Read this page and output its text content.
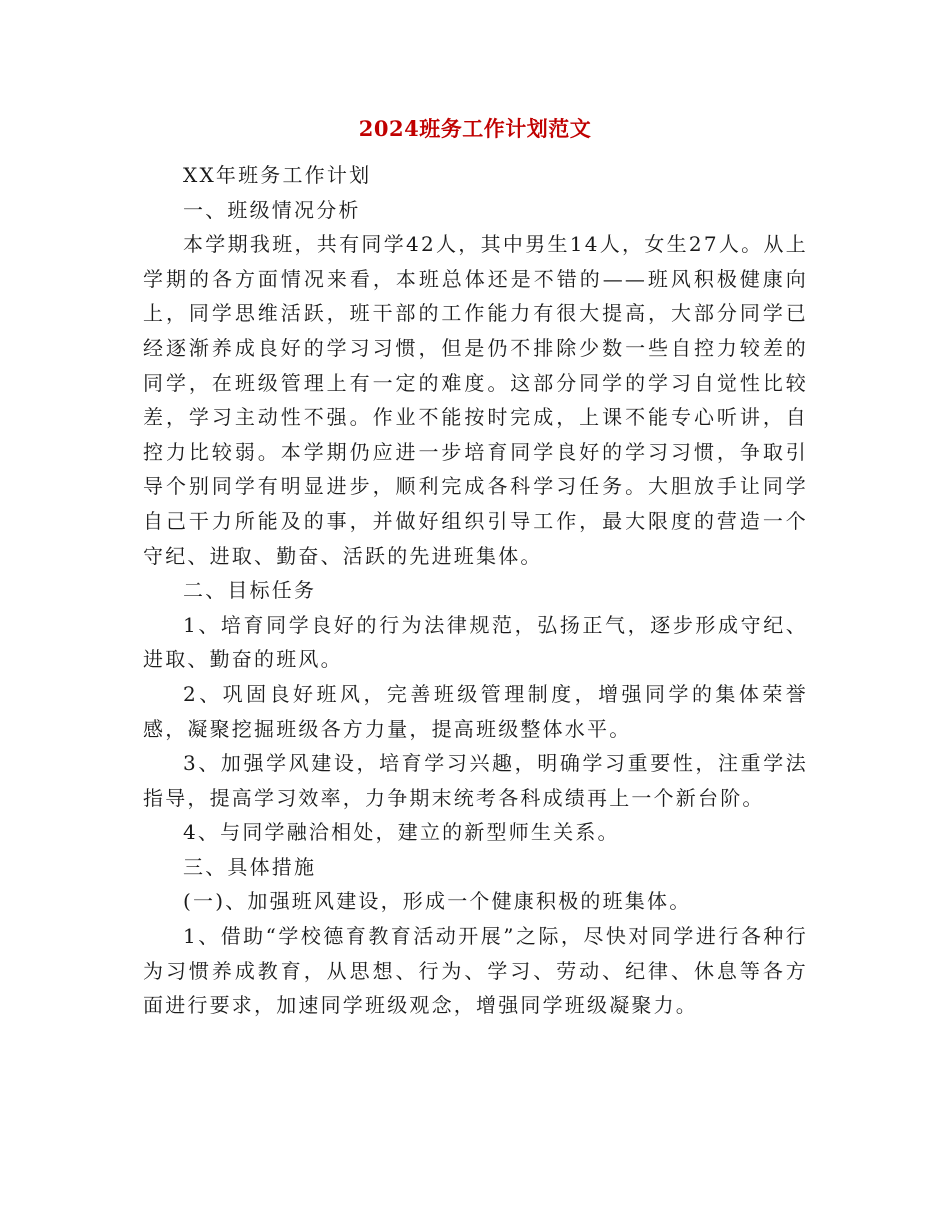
2024班务工作计划范文

XX年班务工作计划

一、班级情况分析

本学期我班，共有同学42人，其中男生14人，女生27人。从上学期的各方面情况来看，本班总体还是不错的——班风积极健康向上，同学思维活跃，班干部的工作能力有很大提高，大部分同学已经逐渐养成良好的学习习惯，但是仍不排除少数一些自控力较差的同学，在班级管理上有一定的难度。这部分同学的学习自觉性比较差，学习主动性不强。作业不能按时完成，上课不能专心听讲，自控力比较弱。本学期仍应进一步培育同学良好的学习习惯，争取引导个别同学有明显进步，顺利完成各科学习任务。大胆放手让同学自己干力所能及的事，并做好组织引导工作，最大限度的营造一个守纪、进取、勤奋、活跃的先进班集体。

二、目标任务

1、培育同学良好的行为法律规范，弘扬正气，逐步形成守纪、进取、勤奋的班风。

2、巩固良好班风，完善班级管理制度，增强同学的集体荣誉感，凝聚挖掘班级各方力量，提高班级整体水平。

3、加强学风建设，培育学习兴趣，明确学习重要性，注重学法指导，提高学习效率，力争期末统考各科成绩再上一个新台阶。

4、与同学融洽相处，建立的新型师生关系。

三、具体措施

(一)、加强班风建设，形成一个健康积极的班集体。

1、借助“学校德育教育活动开展”之际，尽快对同学进行各种行为习惯养成教育，从思想、行为、学习、劳动、纪律、休息等各方面进行要求，加速同学班级观念，增强同学班级凝聚力。
